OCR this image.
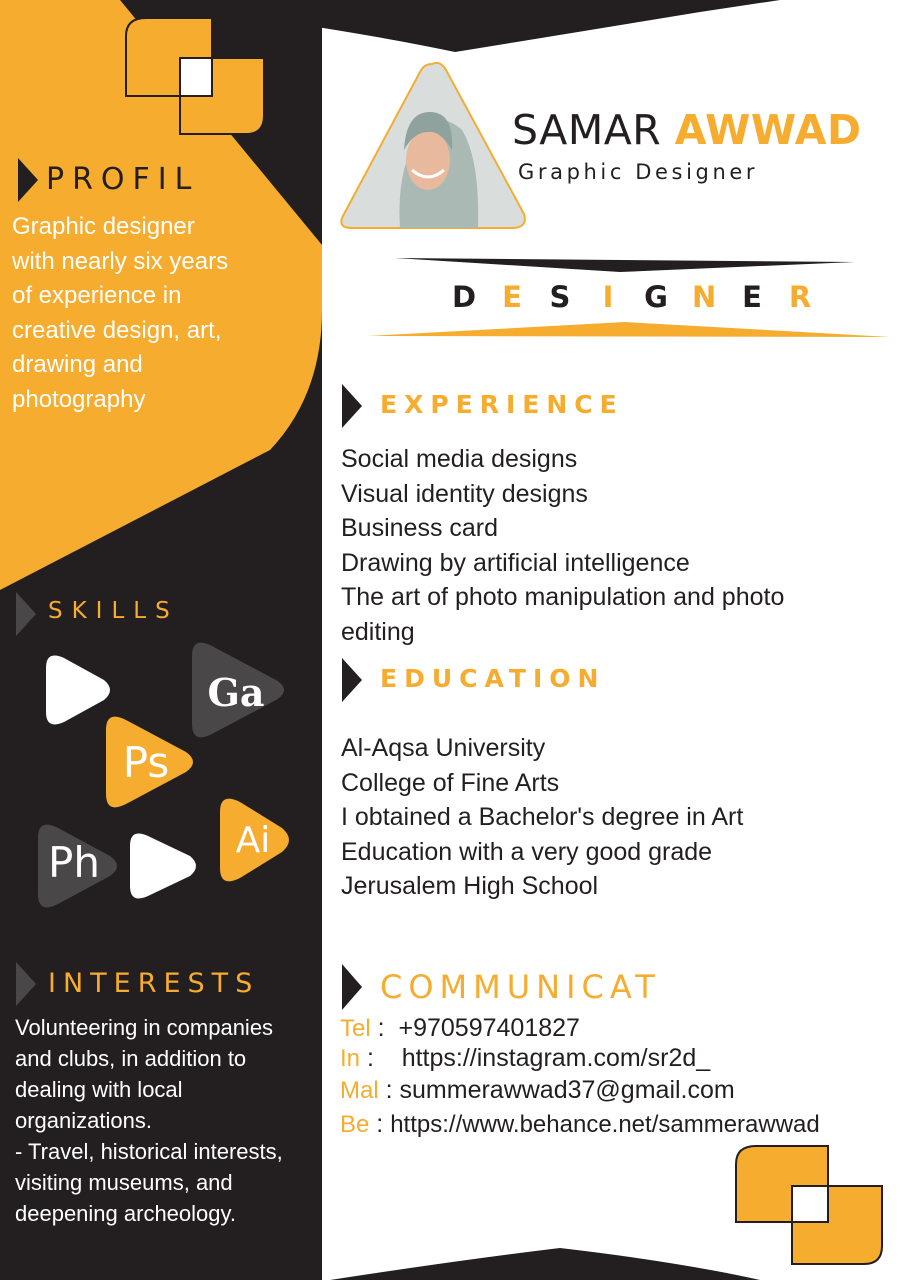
SAMAR AWWAD
Graphic Designer
D E S I G N E R
PROFIL
Graphic designer
with nearly six years
of experience in
creative design, art,
drawing and
photography
SKILLS
Ga
Ps
Ph	Ai
INTERESTS
Volunteering in companies
and clubs, in addition to
dealing with local
organizations.
- Travel, historical interests,
visiting museums, and
deepening archeology.
EXPERIENCE
Social media designs
Visual identity designs
Business card
Drawing by artificial intelligence
The art of photo manipulation and photo
editing
EDUCATION
Al-Aqsa University
College of Fine Arts
I obtained a Bachelor's degree in Art
Education with a very good grade
Jerusalem High School
COMMUNICAT
Tel :  +970597401827
In :    https://instagram.com/sr2d_
Mal : summerawwad37@gmail.com
Be : https://www.behance.net/sammerawwad
